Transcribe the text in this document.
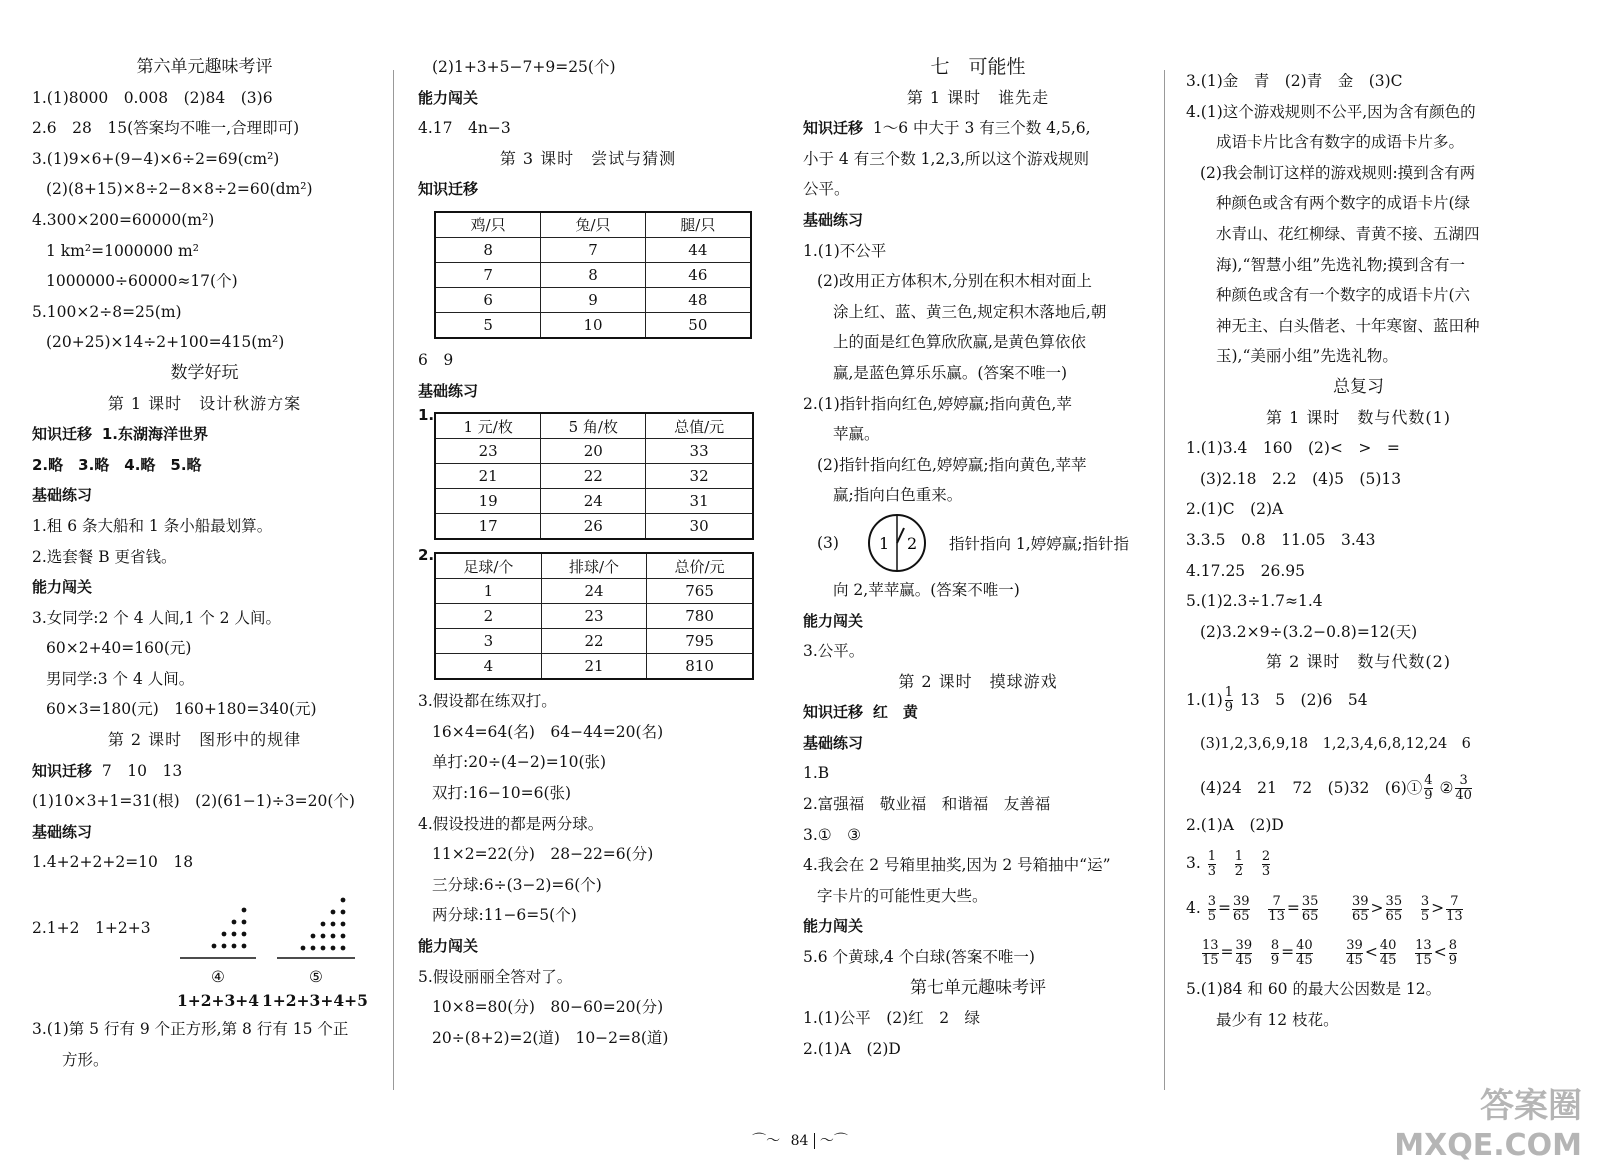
第六单元趣味考评
1.(1)8000　0.008　(2)84　(3)6
2.6　28　15(答案均不唯一,合理即可)
3.(1)9×6+(9−4)×6÷2=69(cm²)
(2)(8+15)×8÷2−8×8÷2=60(dm²)
4.300×200=60000(m²)
1 km²=1000000 m²
1000000÷60000≈17(个)
5.100×2÷8=25(m)
(20+25)×14÷2+100=415(m²)
数学好玩
第 1 课时　设计秋游方案
知识迁移 1.东湖海洋世界
2.略　3.略　4.略　5.略
基础练习
1.租 6 条大船和 1 条小船最划算。
2.选套餐 B 更省钱。
能力闯关
3.女同学:2 个 4 人间,1 个 2 人间。
60×2+40=160(元)
男同学:3 个 4 人间。
60×3=180(元)　160+180=340(元)
第 2 课时　图形中的规律
知识迁移 7　10　13
(1)10×3+1=31(根)　(2)(61−1)÷3=20(个)
基础练习
1.4+2+2+2=10　18
2.1+2　1+2+3
④	⑤
1+2+3+4 1+2+3+4+5
3.(1)第 5 行有 9 个正方形,第 8 行有 15 个正
方形。
(2)1+3+5−7+9=25(个)
能力闯关
4.17　4n−3
第 3 课时　尝试与猜测
知识迁移
鸡/只	兔/只	腿/只
8	7	44
7	8	46
6	9	48
5	10	50
6　9
基础练习
1.
1 元/枚	5 角/枚	总值/元
23	20	33
21	22	32
19	24	31
17	26	30
2.
足球/个	排球/个	总价/元
1	24	765
2	23	780
3	22	795
4	21	810
3.假设都在练双打。
16×4=64(名)　64−44=20(名)
单打:20÷(4−2)=10(张)
双打:16−10=6(张)
4.假设投进的都是两分球。
11×2=22(分)　28−22=6(分)
三分球:6÷(3−2)=6(个)
两分球:11−6=5(个)
能力闯关
5.假设丽丽全答对了。
10×8=80(分)　80−60=20(分)
20÷(8+2)=2(道)　10−2=8(道)
七　可能性
第 1 课时　谁先走
知识迁移 1～6 中大于 3 有三个数 4,5,6,
小于 4 有三个数 1,2,3,所以这个游戏规则
公平。
基础练习
1.(1)不公平
(2)改用正方体积木,分别在积木相对面上
涂上红、蓝、黄三色,规定积木落地后,朝
上的面是红色算欣欣赢,是黄色算依依
赢,是蓝色算乐乐赢。(答案不唯一)
2.(1)指针指向红色,婷婷赢;指向黄色,苹
苹赢。
(2)指针指向红色,婷婷赢;指向黄色,苹苹
赢;指向白色重来。
(3)	1 2 指针指向 1,婷婷赢;指针指
向 2,苹苹赢。(答案不唯一)
能力闯关
3.公平。
第 2 课时　摸球游戏
知识迁移 红　黄
基础练习
1.B
2.富强福　敬业福　和谐福　友善福
3.①　③
4.我会在 2 号箱里抽奖,因为 2 号箱抽中“运”
字卡片的可能性更大些。
能力闯关
5.6 个黄球,4 个白球(答案不唯一)
第七单元趣味考评
1.(1)公平　(2)红　2　绿
2.(1)A　(2)D
3.(1)金　青　(2)青　金　(3)C
4.(1)这个游戏规则不公平,因为含有颜色的
成语卡片比含有数字的成语卡片多。
(2)我会制订这样的游戏规则:摸到含有两
种颜色或含有两个数字的成语卡片(绿
水青山、花红柳绿、青黄不接、五湖四
海),“智慧小组”先选礼物;摸到含有一
种颜色或含有一个数字的成语卡片(六
神无主、白头偕老、十年寒窗、蓝田种
玉),“美丽小组”先选礼物。
总复习
第 1 课时　数与代数(1)
1.(1)3.4　160　(2)<　>　=
(3)2.18　2.2　(4)5　(5)13
2.(1)C　(2)A
3.3.5　0.8　11.05　3.43
4.17.25　26.95
5.(1)2.3÷1.7≈1.4
(2)3.2×9÷(3.2−0.8)=12(天)
第 2 课时　数与代数(2)
$1.(1) \frac{1}{9} 13$　5　(2)6　54
(3)1,2,3,6,9,18　1,2,3,4,6,8,12,24　6
(4)24　21　72　(5)32　(6)① $\frac{4}{9}$ ② $\frac{3}{40}$
2.(1)A　(2)D
3. $\frac{1}{3}$
$\frac{1}{2}$
$\frac{2}{3}$
4. $\frac{3}{5} = \frac{39}{65}$
$\frac{7}{13} = \frac{35}{65}$
	$\frac{39}{65} > \frac{35}{65}$
$\frac{3}{5} > \frac{7}{13}$
$\frac{13}{15} = \frac{39}{45}$
$\frac{8}{9} = \frac{40}{45}$
	$\frac{39}{45} < \frac{40}{45}$
$\frac{13}{15} < \frac{8}{9}$
5.(1)84 和 60 的最大公因数是 12。
最少有 12 枝花。
⌒～ 84 ～⌒
答案圈
MXQE.COM
